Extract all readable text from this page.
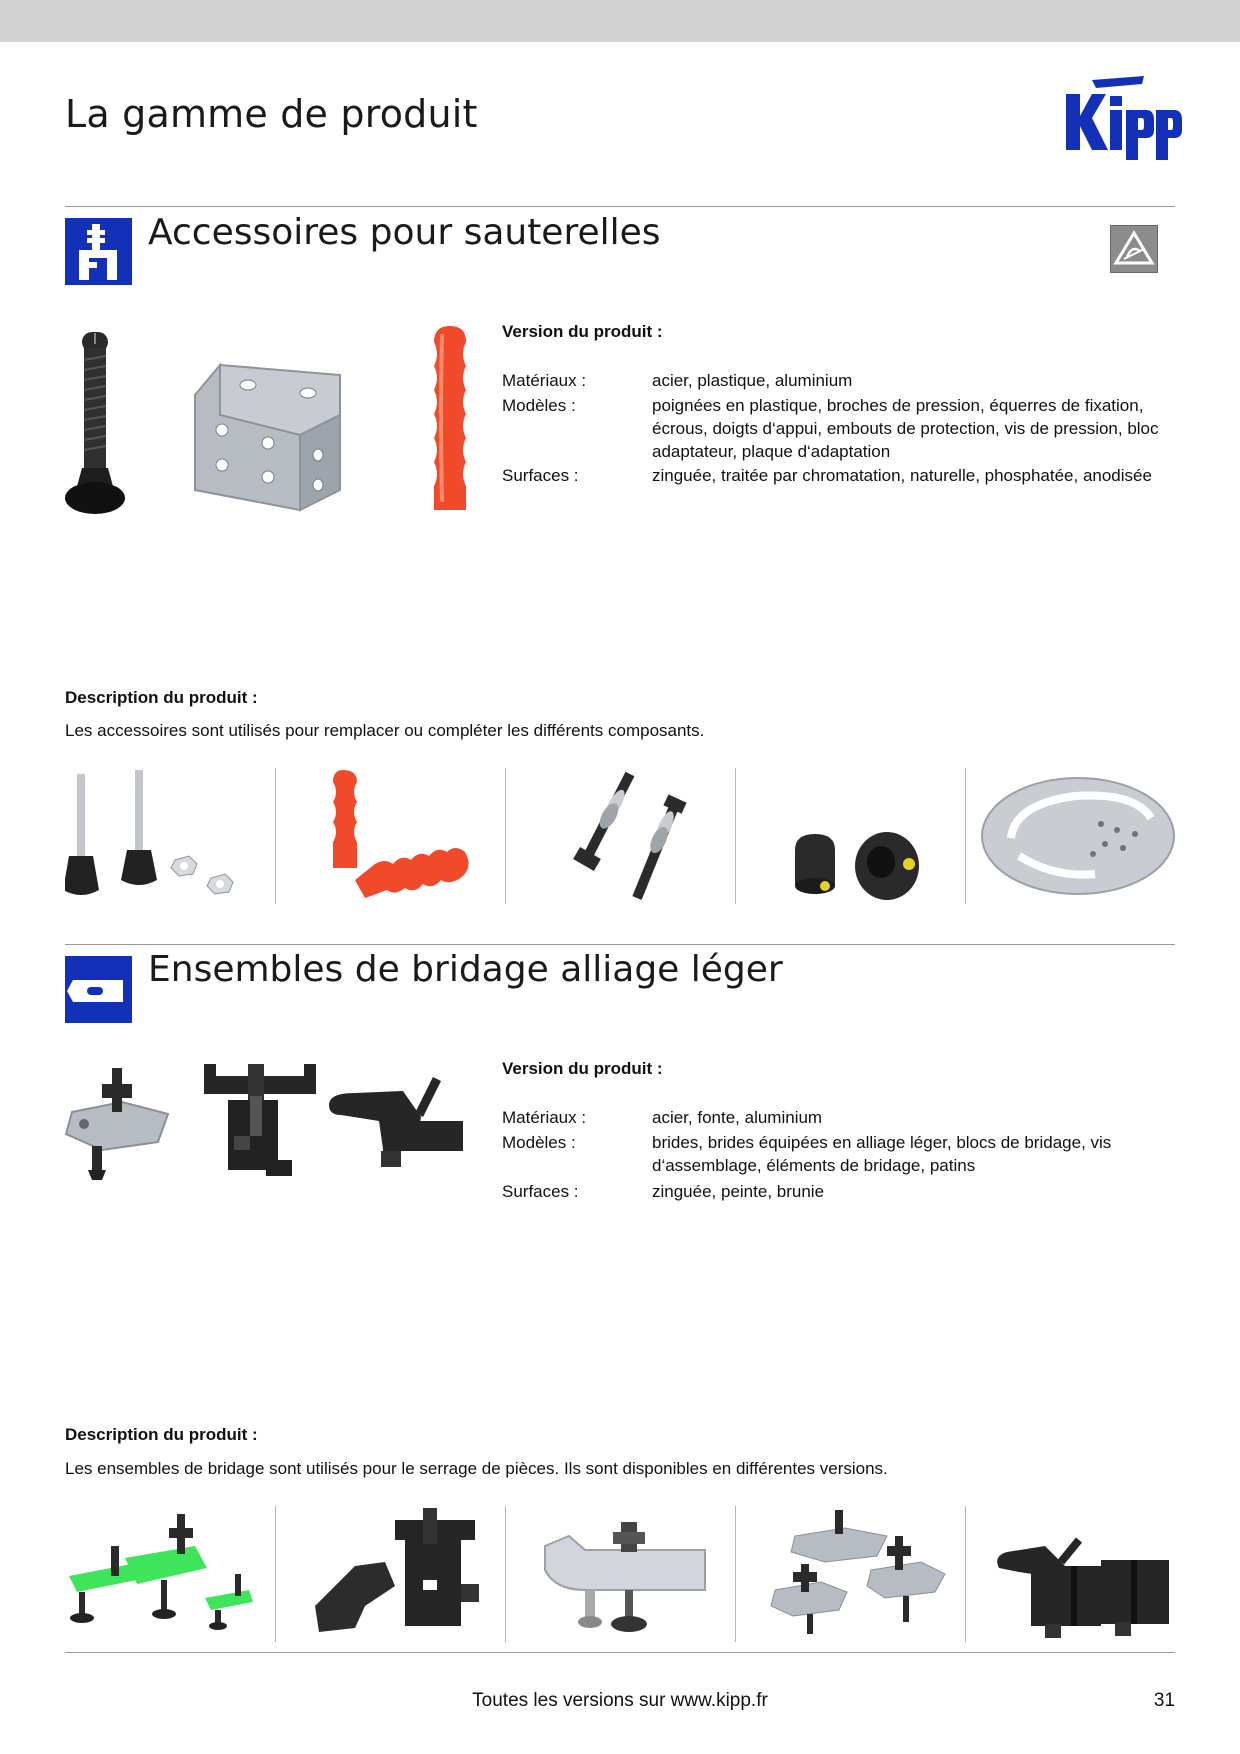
La gamme de produit
Accessoires pour sauterelles
Version du produit :
Matériaux :	acier, plastique, aluminium
Modèles :	poignées en plastique, broches de pression, équerres de fixation, écrous, doigts d‘appui, embouts de protection, vis de pression, bloc adaptateur, plaque d‘adaptation
Surfaces :	zinguée, traitée par chromatation, naturelle, phosphatée, anodisée
Description du produit :
Les accessoires sont utilisés pour remplacer ou compléter les différents composants.
Ensembles de bridage alliage léger
Version du produit :
Matériaux :	acier, fonte, aluminium
Modèles :	brides, brides équipées en alliage léger, blocs de bridage, vis d‘assemblage, éléments de bridage, patins
Surfaces :	zinguée, peinte, brunie
Description du produit :
Les ensembles de bridage sont utilisés pour le serrage de pièces. Ils sont disponibles en différentes versions.
Toutes les versions sur www.kipp.fr	31
